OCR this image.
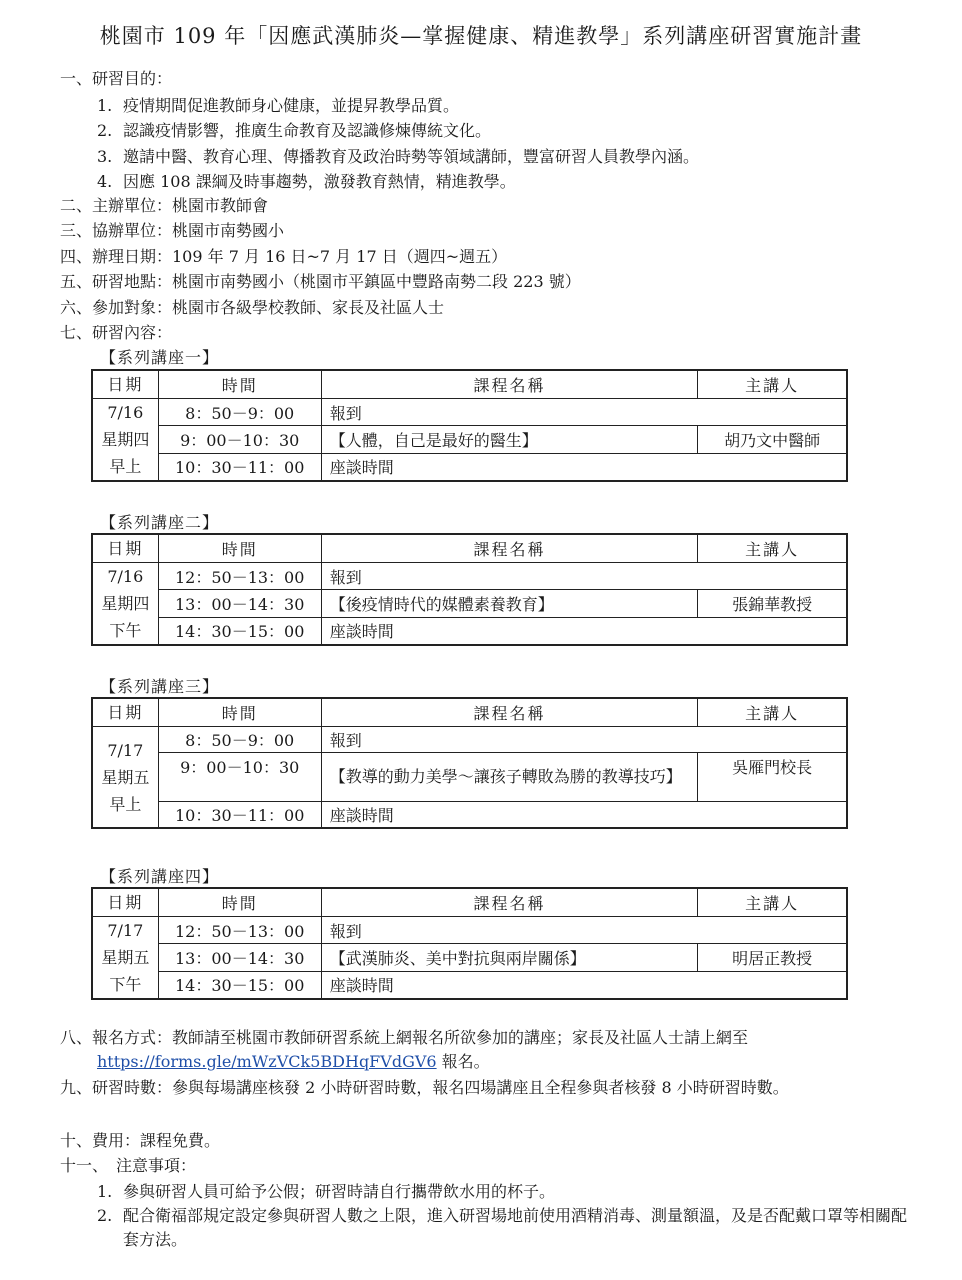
桃園市 109 年「因應武漢肺炎—掌握健康、精進教學」系列講座研習實施計畫
一、研習目的：
1. 疫情期間促進教師身心健康，並提昇教學品質。
2. 認識疫情影響，推廣生命教育及認識修煉傳統文化。
3. 邀請中醫、教育心理、傳播教育及政治時勢等領域講師，豐富研習人員教學內涵。
4. 因應 108 課綱及時事趨勢，激發教育熱情，精進教學。
二、主辦單位：桃園市教師會
三、協辦單位：桃園市南勢國小
四、辦理日期：109 年 7 月 16 日~7 月 17 日（週四~週五）
五、研習地點：桃園市南勢國小（桃園市平鎮區中豐路南勢二段 223 號）
六、參加對象：桃園市各級學校教師、家長及社區人士
七、研習內容：
【系列講座一】
日期	時間	課程名稱	主講人

7/16
星期四
早上	8：50－9：00	報到	
	9：00－10：30	【人體，自己是最好的醫生】	胡乃文中醫師
	10：30－11：00	座談時間	
【系列講座二】
日期	時間	課程名稱	主講人

7/16
星期四
下午	12：50－13：00	報到	
	13：00－14：30	【後疫情時代的媒體素養教育】	張錦華教授
	14：30－15：00	座談時間	
【系列講座三】
日期	時間	課程名稱	主講人

7/17
星期五
早上	8：50－9：00	報到	
	9：00－10：30	【教導的動力美學～讓孩子轉敗為勝的教導技巧】	吳雁門校長
	10：30－11：00	座談時間	
【系列講座四】
日期	時間	課程名稱	主講人

7/17
星期五
下午	12：50－13：00	報到	
	13：00－14：30	【武漢肺炎、美中對抗與兩岸關係】	明居正教授
	14：30－15：00	座談時間	
八、報名方式：教師請至桃園市教師研習系統上網報名所欲參加的講座；家長及社區人士請上網至
https://forms.gle/mWzVCk5BDHqFVdGV6 報名。
九、研習時數：參與每場講座核發 2 小時研習時數，報名四場講座且全程參與者核發 8 小時研習時數。
十、費用：課程免費。
十一、　注意事項：
1. 參與研習人員可給予公假；研習時請自行攜帶飲水用的杯子。
2. 配合衛福部規定設定參與研習人數之上限，進入研習場地前使用酒精消毒、測量額溫，及是否配戴口罩等相關配套方法。
